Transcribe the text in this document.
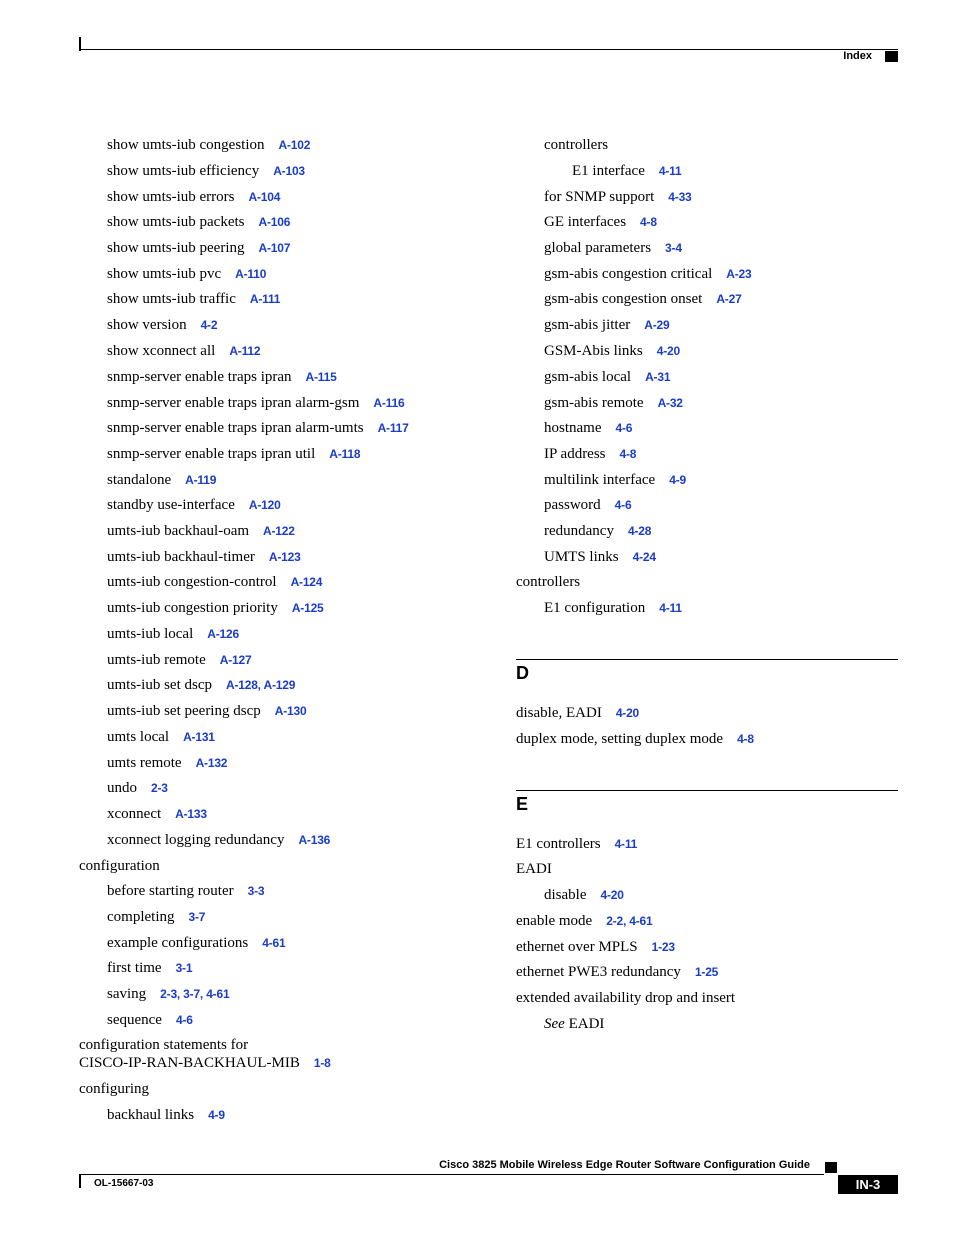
Index
show umts-iub congestion A-102
show umts-iub efficiency A-103
show umts-iub errors A-104
show umts-iub packets A-106
show umts-iub peering A-107
show umts-iub pvc A-110
show umts-iub traffic A-111
show version 4-2
show xconnect all A-112
snmp-server enable traps ipran A-115
snmp-server enable traps ipran alarm-gsm A-116
snmp-server enable traps ipran alarm-umts A-117
snmp-server enable traps ipran util A-118
standalone A-119
standby use-interface A-120
umts-iub backhaul-oam A-122
umts-iub backhaul-timer A-123
umts-iub congestion-control A-124
umts-iub congestion priority A-125
umts-iub local A-126
umts-iub remote A-127
umts-iub set dscp A-128, A-129
umts-iub set peering dscp A-130
umts local A-131
umts remote A-132
undo 2-3
xconnect A-133
xconnect logging redundancy A-136
configuration
before starting router 3-3
completing 3-7
example configurations 4-61
first time 3-1
saving 2-3, 3-7, 4-61
sequence 4-6
configuration statements for
CISCO-IP-RAN-BACKHAUL-MIB 1-8
configuring
backhaul links 4-9
controllers
E1 interface 4-11
for SNMP support 4-33
GE interfaces 4-8
global parameters 3-4
gsm-abis congestion critical A-23
gsm-abis congestion onset A-27
gsm-abis jitter A-29
GSM-Abis links 4-20
gsm-abis local A-31
gsm-abis remote A-32
hostname 4-6
IP address 4-8
multilink interface 4-9
password 4-6
redundancy 4-28
UMTS links 4-24
controllers
E1 configuration 4-11
D
disable, EADI 4-20
duplex mode, setting duplex mode 4-8
E
E1 controllers 4-11
EADI
disable 4-20
enable mode 2-2, 4-61
ethernet over MPLS 1-23
ethernet PWE3 redundancy 1-25
extended availability drop and insert
See EADI
Cisco 3825 Mobile Wireless Edge Router Software Configuration Guide
OL-15667-03	IN-3
